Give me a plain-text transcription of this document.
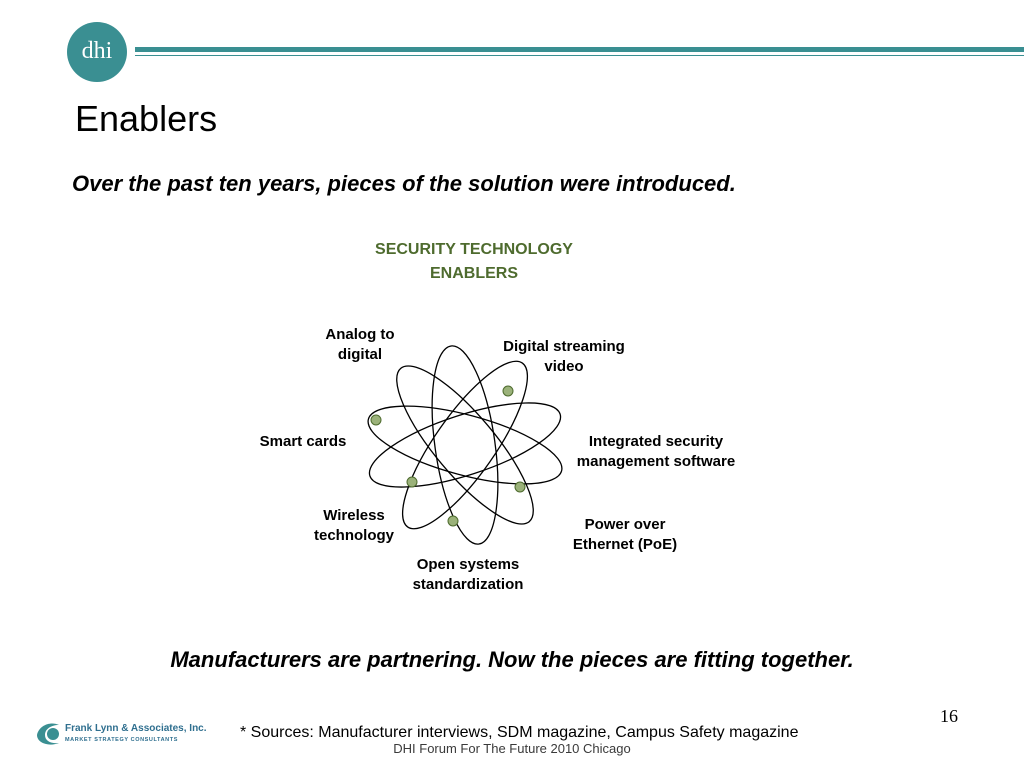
dhi
Enablers
Over the past ten years, pieces of the solution were introduced.
SECURITY TECHNOLOGY
ENABLERS
Analog to
digital	Digital streaming
video
Smart cards	Integrated security
management software
Wireless
technology
Power over
Ethernet (PoE)
Open systems
standardization
Manufacturers are partnering. Now the pieces are fitting together.
16
Frank Lynn & Associates, Inc.
MARKET STRATEGY CONSULTANTS	* Sources: Manufacturer interviews, SDM magazine, Campus Safety magazine
DHI Forum For The Future 2010 Chicago
